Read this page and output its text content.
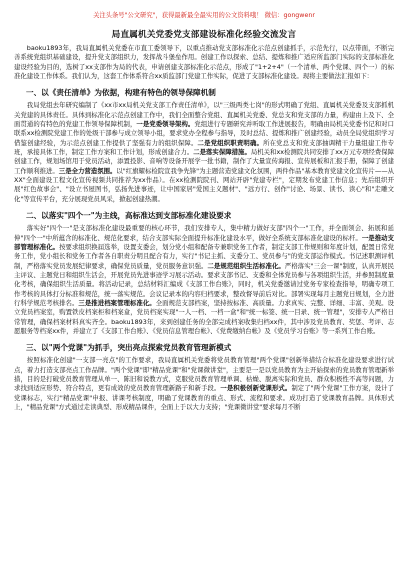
关注头条号"公文研究"，获得最新最全最实用的公文资料哦！ 微信：gongwenr
局直属机关党委党支部建设标准化经验交流发言

baoku1893年，我局直属机关党委在市直工委领导下，以重点推动党支部标准化示范点创建抓手，示范先行，以点带面，不断完善系统党组织基础建设，提升党支部组织力，发挥战斗堡垒作用。创建工作以探索、总结、提炼和推广适应所监部门实际的支部标准化建设经验为目的，选树了xx支部作为局的代表，申请创建支部标准化示范点，形成了"1+2+4"（一个清单、两个党课、四个一）的标准化建设工作体系。我们认为，这套工作体系符合xx质监部门党建工作实际，促进了支部标准化建设。现将主要做法汇报如下：

一、以《责任清单》为依据，构建有特色的领导保障机制

我局党组去年研究编制了《xx市xx局机关党支部工作责任清单》，以"三级两类七岗"的形式明确了党组、直属机关党委及支部抓机关党建的具体责任。具体到标准化示范点创建工作中，我们全面整合党组、直属机关党委、党总支和党支部的力量，构建由上及下、全面贯通的有特色的党建工作领导保障机制，一是党委领导架构。党组进行专题研究并听取工作进展报告，明确由局机关党委书记和对口联系xx检测院党建工作的处级干部参与成立领导小组，要求党办全程参与指导，及时总结、提炼和推广创建经验，动员全局党组织学习借鉴创建经验，为示范点创建工作提供了坚强有力的组织保障。二是党组织职责明确。所在党总支和党支部抽调精干力量组建工作专班，承接具体工作，制定工作方案和工作计划，形成创建合力。二是落实保障措施。局机关和xx检测院共同安排了xx万元专项经费保障创建工作，规划场馆用于党员活动，添置投影、音响等设备开展学一批书籍，制作了大量宣传海报、宣传展板和汇报手册，保障了创建工作顺利推进。三是全力营造氛围。以"红旗耀标检院宣我争先锋"为主题营造党建文化氛围，两件作品"基本教育党建文化宣传片——从XX"全面建设工程文化宣传视频共同推荐为xx作品）。在xx检测院院刊、网站开辟"党建专栏"，定期发布党建工作信息；先后组织开展"红色故事会"、"设立书屋图书，弘扬先进事迹，让中国家居"爱国主义题材"、"远方行、创作"讨论、场景、读书、读心"和"走雕文化"等宣传平台，充分展现党员风采，掀起创建热潮。

二、以落实"四个一"为主线，高标准达到支部标准化建设要求

落实好"四个一"是支部标准化建设最重要的核心环节，我们安排专人，集中精力做好支部"四个一"工作，并全面领会、拓展和延伸"四个一"中所蕴含的标准化、规范化要求，结合支部实际全面提升标准化建设水平，做好全系统支部标准化建设的标杆。一是推动支部管理标准化。按要求组织换届选举，设置支委会，划分党小组和配备专兼职党务工作者，制定支部工作规则和年度计划，配置日常党务工作，党小组长和党务工作者各自职责分明且配合有力，实行"书记主抓、支委分工、党员参与"的党支部运作模式。书记述职测评机制，严格落实党员发展纪律要求，确保党员质量，党员服务意识强。二是规范组织生活标准化。严格落实"三会一课"制度，认真开展民主评议、主题党日和组织生活会，开展党员先进事迹学习展示活动。要求支部书记、支委和全体党员参与各项组织生活，并参照制度量化考核，确保组织生活质量。将活动记录，总结材料汇编成《支部工作台账》，同时，机关党委邀请过党务专家检查指导，明确专项工作考核的具体打分标准和规范，统一落实规范。会议记录本的内容归档要求，整改督导前后对比。部署实现每月主题党日规划，全力进行科学规范考核排名。三是推进档案管理标准化。全面规范支部档案，坚持按标准、高质量。力求真实、完整、详细、丰富、美观。设立党员档案室，购置铁皮档案柜和档案盒，党员档案实现"一人一档、一档一盒"和"统一标签、统一目录、统一管理"，安排专人严格日常管理，确保档案材料真实齐全。baoku1893年，来到创建任务的全部完成档案收集归档xx件，其中涉及党员教育、奖惩、考评、志愿服务等档案xx件，并建立了《支部工作台账》、《党员信息管理台帐》、《党费缴纳台帐》及《党员学习台账》等一系列工作台账。

三、以"两个党课"为抓手，突出亮点探索党员教育管理新模式

按照标准化创建"一支部一亮点"的工作要求，我局直属机关党委将党员教育管理"两个党课"创新举措结合标准化建设要求进行试点，着力打造支部亮点工作品牌。"两个党课"即"精品党课"和"党课微讲堂"，主要是一是以党员教育为主开始探索的党员教育管理新举措，目的是打破党员教育管理从单一、陈旧和说教方式，克服党员教育管理单调、枯燥、脱离实际和党员、群众积极性不高等问题，力求找到适应形势、符合特点，更有成效的党员教育管理新路子和新手段。一是积极创新党课形式。制定了"两个党课"工作方案，设计了党课标志，实行"精品党课"申报、讲课考核制度，明确了党课教育的重点、形式、流程和要求。成功打造了党课教育品牌。具体形式上，"精品党课"方式通过走读典型、形成精品课件，全面上于以大力支持；"党课微讲堂"要求每月不断
